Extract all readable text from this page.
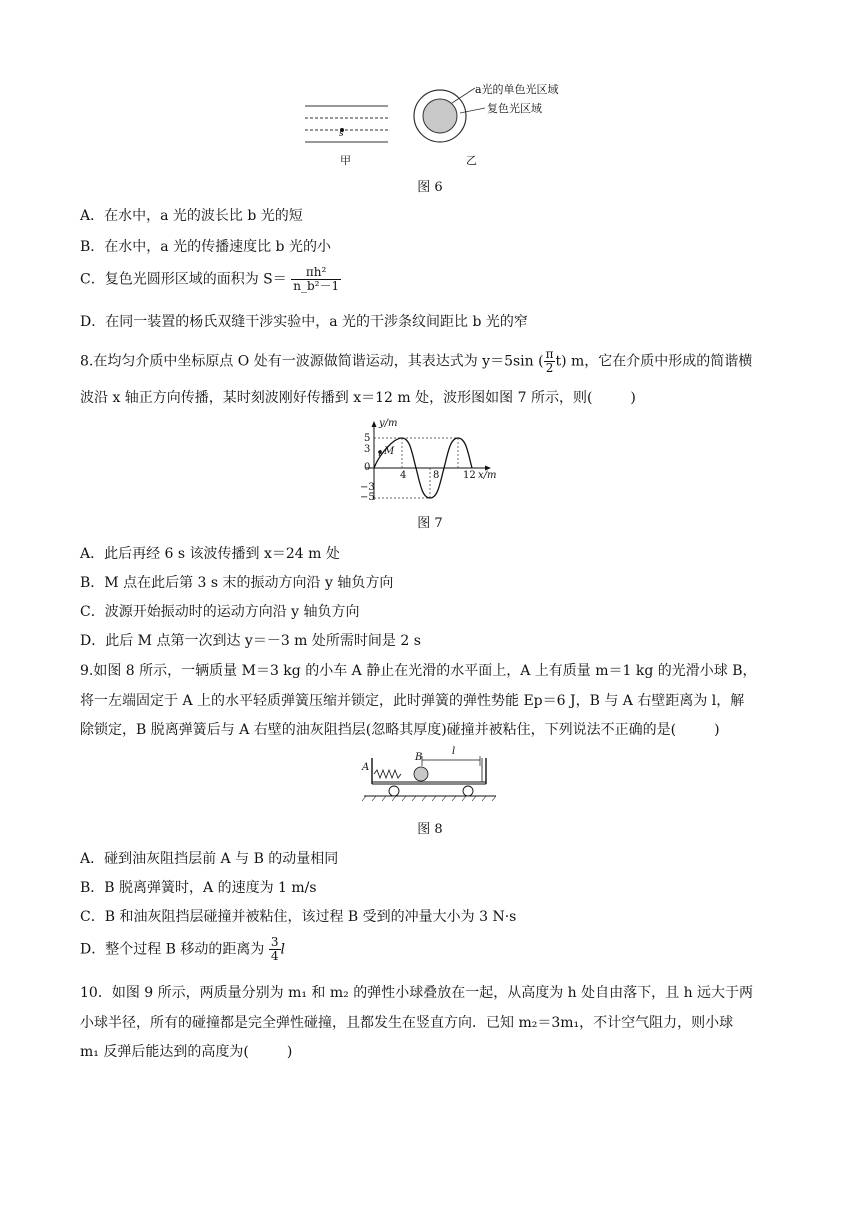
s
甲	乙
a光的单色光区域
复色光区域
图 6
A．在水中，a 光的波长比 b 光的短
B．在水中，a 光的传播速度比 b 光的小
C．复色光圆形区域的面积为 $S= \frac{\text{πh²}}{\text{n\_b²－1}}$
D．在同一装置的杨氏双缝干涉实验中，a 光的干涉条纹间距比 b 光的窄
8.在均匀介质中坐标原点 O 处有一波源做简谐运动，其表达式为 y＝5sin ( $\frac{\pi}{2} t$) m，它在介质中形成的简谐横
波沿 x 轴正方向传播，某时刻波刚好传播到 x＝12 m 处，波形图如图 7 所示，则(	)
y/m
x/m
M
0
5
3
−3
−5
4	8 12
图 7
A．此后再经 6 s 该波传播到 x＝24 m 处
B．M 点在此后第 3 s 末的振动方向沿 y 轴负方向
C．波源开始振动时的运动方向沿 y 轴负方向
D．此后 M 点第一次到达 y＝－3 m 处所需时间是 2 s
9.如图 8 所示，一辆质量 M＝3 kg 的小车 A 静止在光滑的水平面上，A 上有质量 m＝1 kg 的光滑小球 B，
将一左端固定于 A 上的水平轻质弹簧压缩并锁定，此时弹簧的弹性势能 Ep＝6 J，B 与 A 右壁距离为 l，解
除锁定，B 脱离弹簧后与 A 右壁的油灰阻挡层(忽略其厚度)碰撞并被粘住，下列说法不正确的是(	)
A
B
l
图 8
A．碰到油灰阻挡层前 A 与 B 的动量相同
B．B 脱离弹簧时，A 的速度为 1 m/s
C．B 和油灰阻挡层碰撞并被粘住，该过程 B 受到的冲量大小为 3 N·s
D．整个过程 B 移动的距离为 $\frac{3}{4}$ l
10．如图 9 所示，两质量分别为 m₁ 和 m₂ 的弹性小球叠放在一起，从高度为 h 处自由落下，且 h 远大于两
小球半径，所有的碰撞都是完全弹性碰撞，且都发生在竖直方向．已知 m₂＝3m₁，不计空气阻力，则小球
m₁ 反弹后能达到的高度为(	)
